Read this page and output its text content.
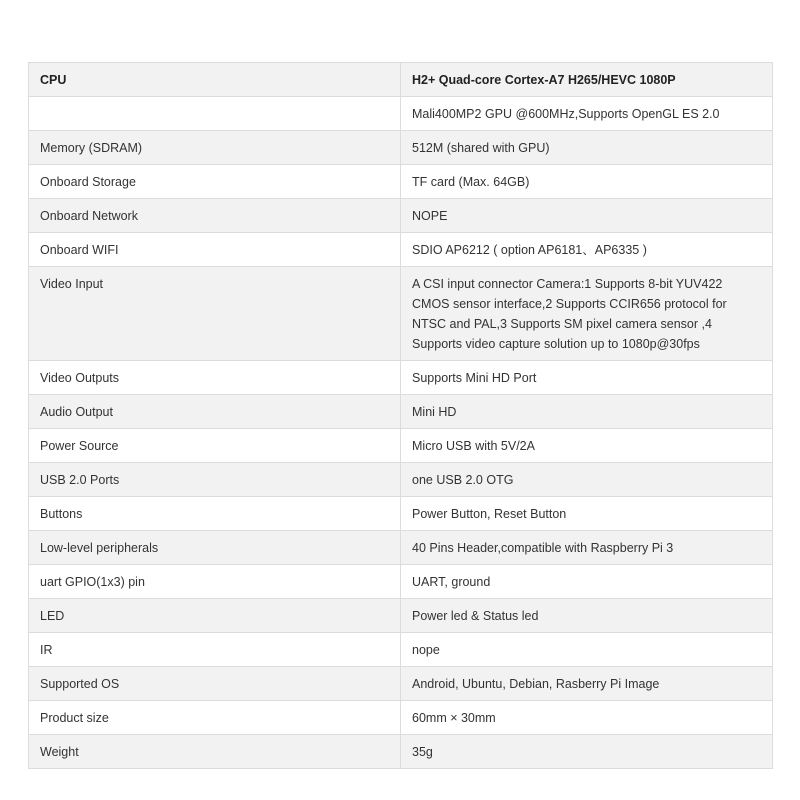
CPU	H2+ Quad-core Cortex-A7 H265/HEVC 1080P
	Mali400MP2 GPU @600MHz,Supports OpenGL ES 2.0
Memory (SDRAM)	512M (shared with GPU)
Onboard Storage	TF card (Max. 64GB)
Onboard Network	NOPE
Onboard WIFI	SDIO AP6212 ( option AP6181、AP6335 )
Video Input	A CSI input connector Camera:1 Supports 8-bit YUV422 CMOS sensor interface,2 Supports CCIR656 protocol for NTSC and PAL,3 Supports SM pixel camera sensor ,4 Supports video capture solution up to 1080p@30fps
Video Outputs	Supports Mini HD Port
Audio Output	Mini HD
Power Source	Micro USB with 5V/2A
USB 2.0 Ports	one USB 2.0 OTG
Buttons	Power Button, Reset Button
Low-level peripherals	40 Pins Header,compatible with Raspberry Pi 3
uart GPIO(1x3) pin	UART, ground
LED	Power led & Status led
IR	nope
Supported OS	Android, Ubuntu, Debian, Rasberry Pi Image
Product size	60mm × 30mm
Weight	35g
